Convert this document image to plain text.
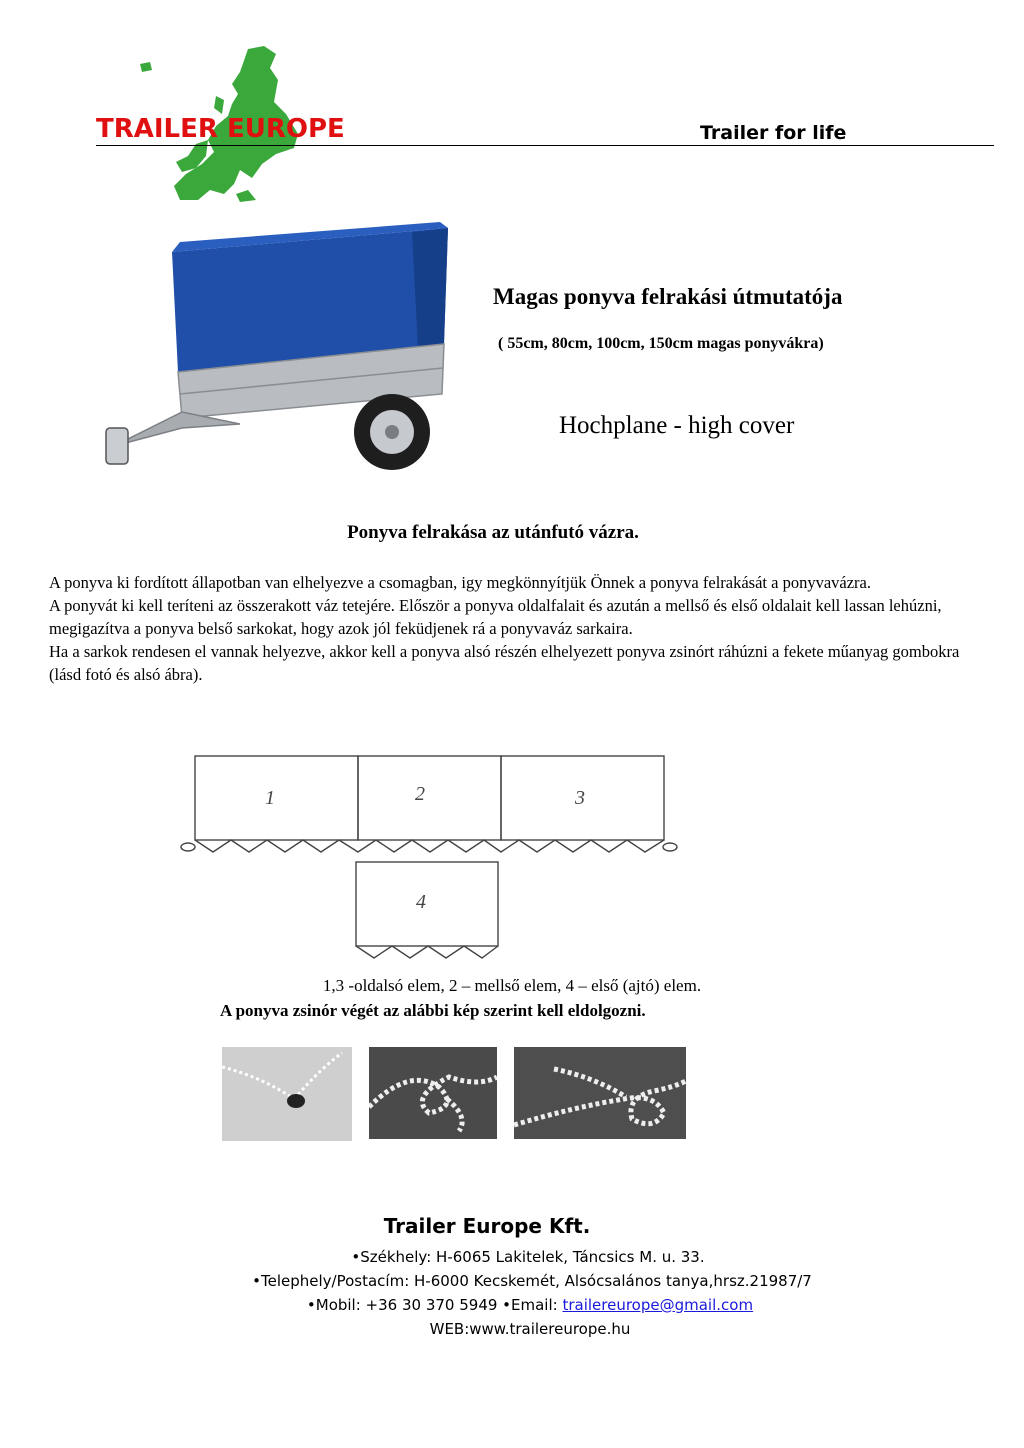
TRAILER EUROPE	Trailer for life
Magas ponyva felrakási útmutatója
( 55cm, 80cm, 100cm, 150cm magas ponyvákra)
Hochplane - high cover
Ponyva felrakása az utánfutó vázra.

A ponyva ki fordított állapotban van elhelyezve a csomagban, igy megkönnyítjük Önnek a ponyva felrakását a ponyvavázra.

A ponyvát ki kell teríteni az összerakott váz tetejére. Először a ponyva oldalfalait és azután a mellső és első oldalait kell lassan lehúzni, megigazítva a ponyva belső sarkokat, hogy azok jól feküdjenek rá a ponyvaváz sarkaira.

Ha a sarkok rendesen el vannak helyezve, akkor kell a ponyva alsó részén elhelyezett ponyva zsinórt ráhúzni a fekete műanyag gombokra (lásd fotó és alsó ábra).

1	2	3
4
1,3 -oldalsó elem, 2 – mellső elem, 4 – első (ajtó) elem.
A ponyva zsinór végét az alábbi kép szerint kell eldolgozni.
Trailer Europe Kft.
•Székhely: H-6065 Lakitelek, Táncsics M. u. 33.
•Telephely/Postacím: H-6000 Kecskemét, Alsócsalános tanya,hrsz.21987/7
•Mobil: +36 30 370 5949 •Email: trailereurope@gmail.com
WEB:www.trailereurope.hu
